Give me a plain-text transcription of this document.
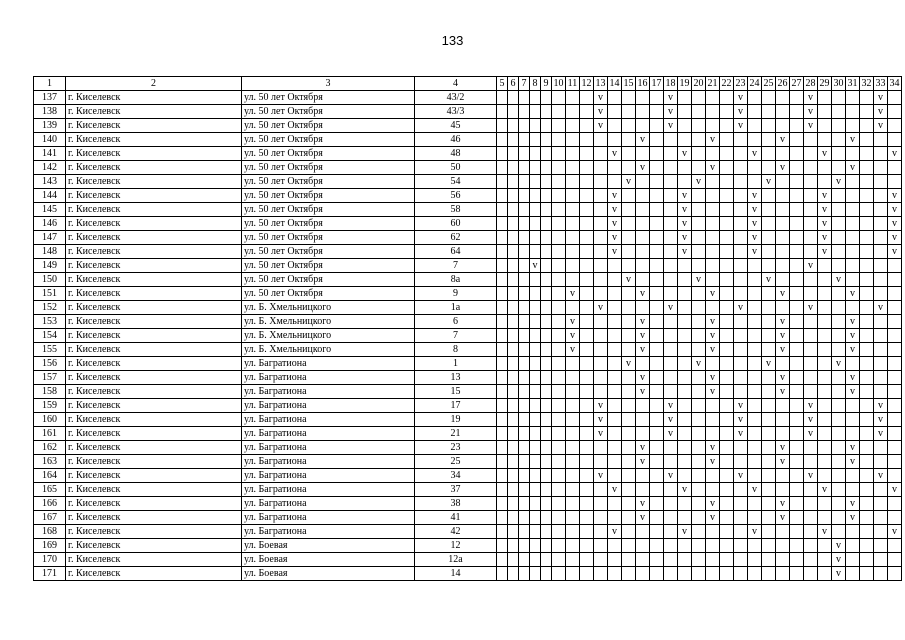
133
1	2	3	4	5	6	7	8	9	10	11	12	13	14	15	16	17	18	19	20	21	22	23	24	25	26	27	28	29	30	31	32	33	34
137	г. Киселевск	ул. 50 лет Октября	43/2									v					v					v					v					v	
138	г. Киселевск	ул. 50 лет Октября	43/3									v					v					v					v					v	
139	г. Киселевск	ул. 50 лет Октября	45									v					v					v					v					v	
140	г. Киселевск	ул. 50 лет Октября	46												v					v					v					v			
141	г. Киселевск	ул. 50 лет Октября	48										v					v					v					v					v
142	г. Киселевск	ул. 50 лет Октября	50												v					v					v					v			
143	г. Киселевск	ул. 50 лет Октября	54											v					v					v					v				
144	г. Киселевск	ул. 50 лет Октября	56										v					v					v					v					v
145	г. Киселевск	ул. 50 лет Октября	58										v					v					v					v					v
146	г. Киселевск	ул. 50 лет Октября	60										v					v					v					v					v
147	г. Киселевск	ул. 50 лет Октября	62										v					v					v					v					v
148	г. Киселевск	ул. 50 лет Октября	64										v					v					v					v					v
149	г. Киселевск	ул. 50 лет Октября	7				v																				v						
150	г. Киселевск	ул. 50 лет Октября	8а											v					v					v					v				
151	г. Киселевск	ул. 50 лет Октября	9							v					v					v					v					v			
152	г. Киселевск	ул. Б. Хмельницкого	1а									v					v					v					v					v	
153	г. Киселевск	ул. Б. Хмельницкого	6							v					v					v					v					v			
154	г. Киселевск	ул. Б. Хмельницкого	7							v					v					v					v					v			
155	г. Киселевск	ул. Б. Хмельницкого	8							v					v					v					v					v			
156	г. Киселевск	ул. Багратиона	1											v					v					v					v				
157	г. Киселевск	ул. Багратиона	13												v					v					v					v			
158	г. Киселевск	ул. Багратиона	15												v					v					v					v			
159	г. Киселевск	ул. Багратиона	17									v					v					v					v					v	
160	г. Киселевск	ул. Багратиона	19									v					v					v					v					v	
161	г. Киселевск	ул. Багратиона	21									v					v					v					v					v	
162	г. Киселевск	ул. Багратиона	23												v					v					v					v			
163	г. Киселевск	ул. Багратиона	25												v					v					v					v			
164	г. Киселевск	ул. Багратиона	34									v					v					v					v					v	
165	г. Киселевск	ул. Багратиона	37										v					v					v					v					v
166	г. Киселевск	ул. Багратиона	38												v					v					v					v			
167	г. Киселевск	ул. Багратиона	41												v					v					v					v			
168	г. Киселевск	ул. Багратиона	42										v					v					v					v					v
169	г. Киселевск	ул. Боевая	12																										v				
170	г. Киселевск	ул. Боевая	12а																										v				
171	г. Киселевск	ул. Боевая	14																										v				
